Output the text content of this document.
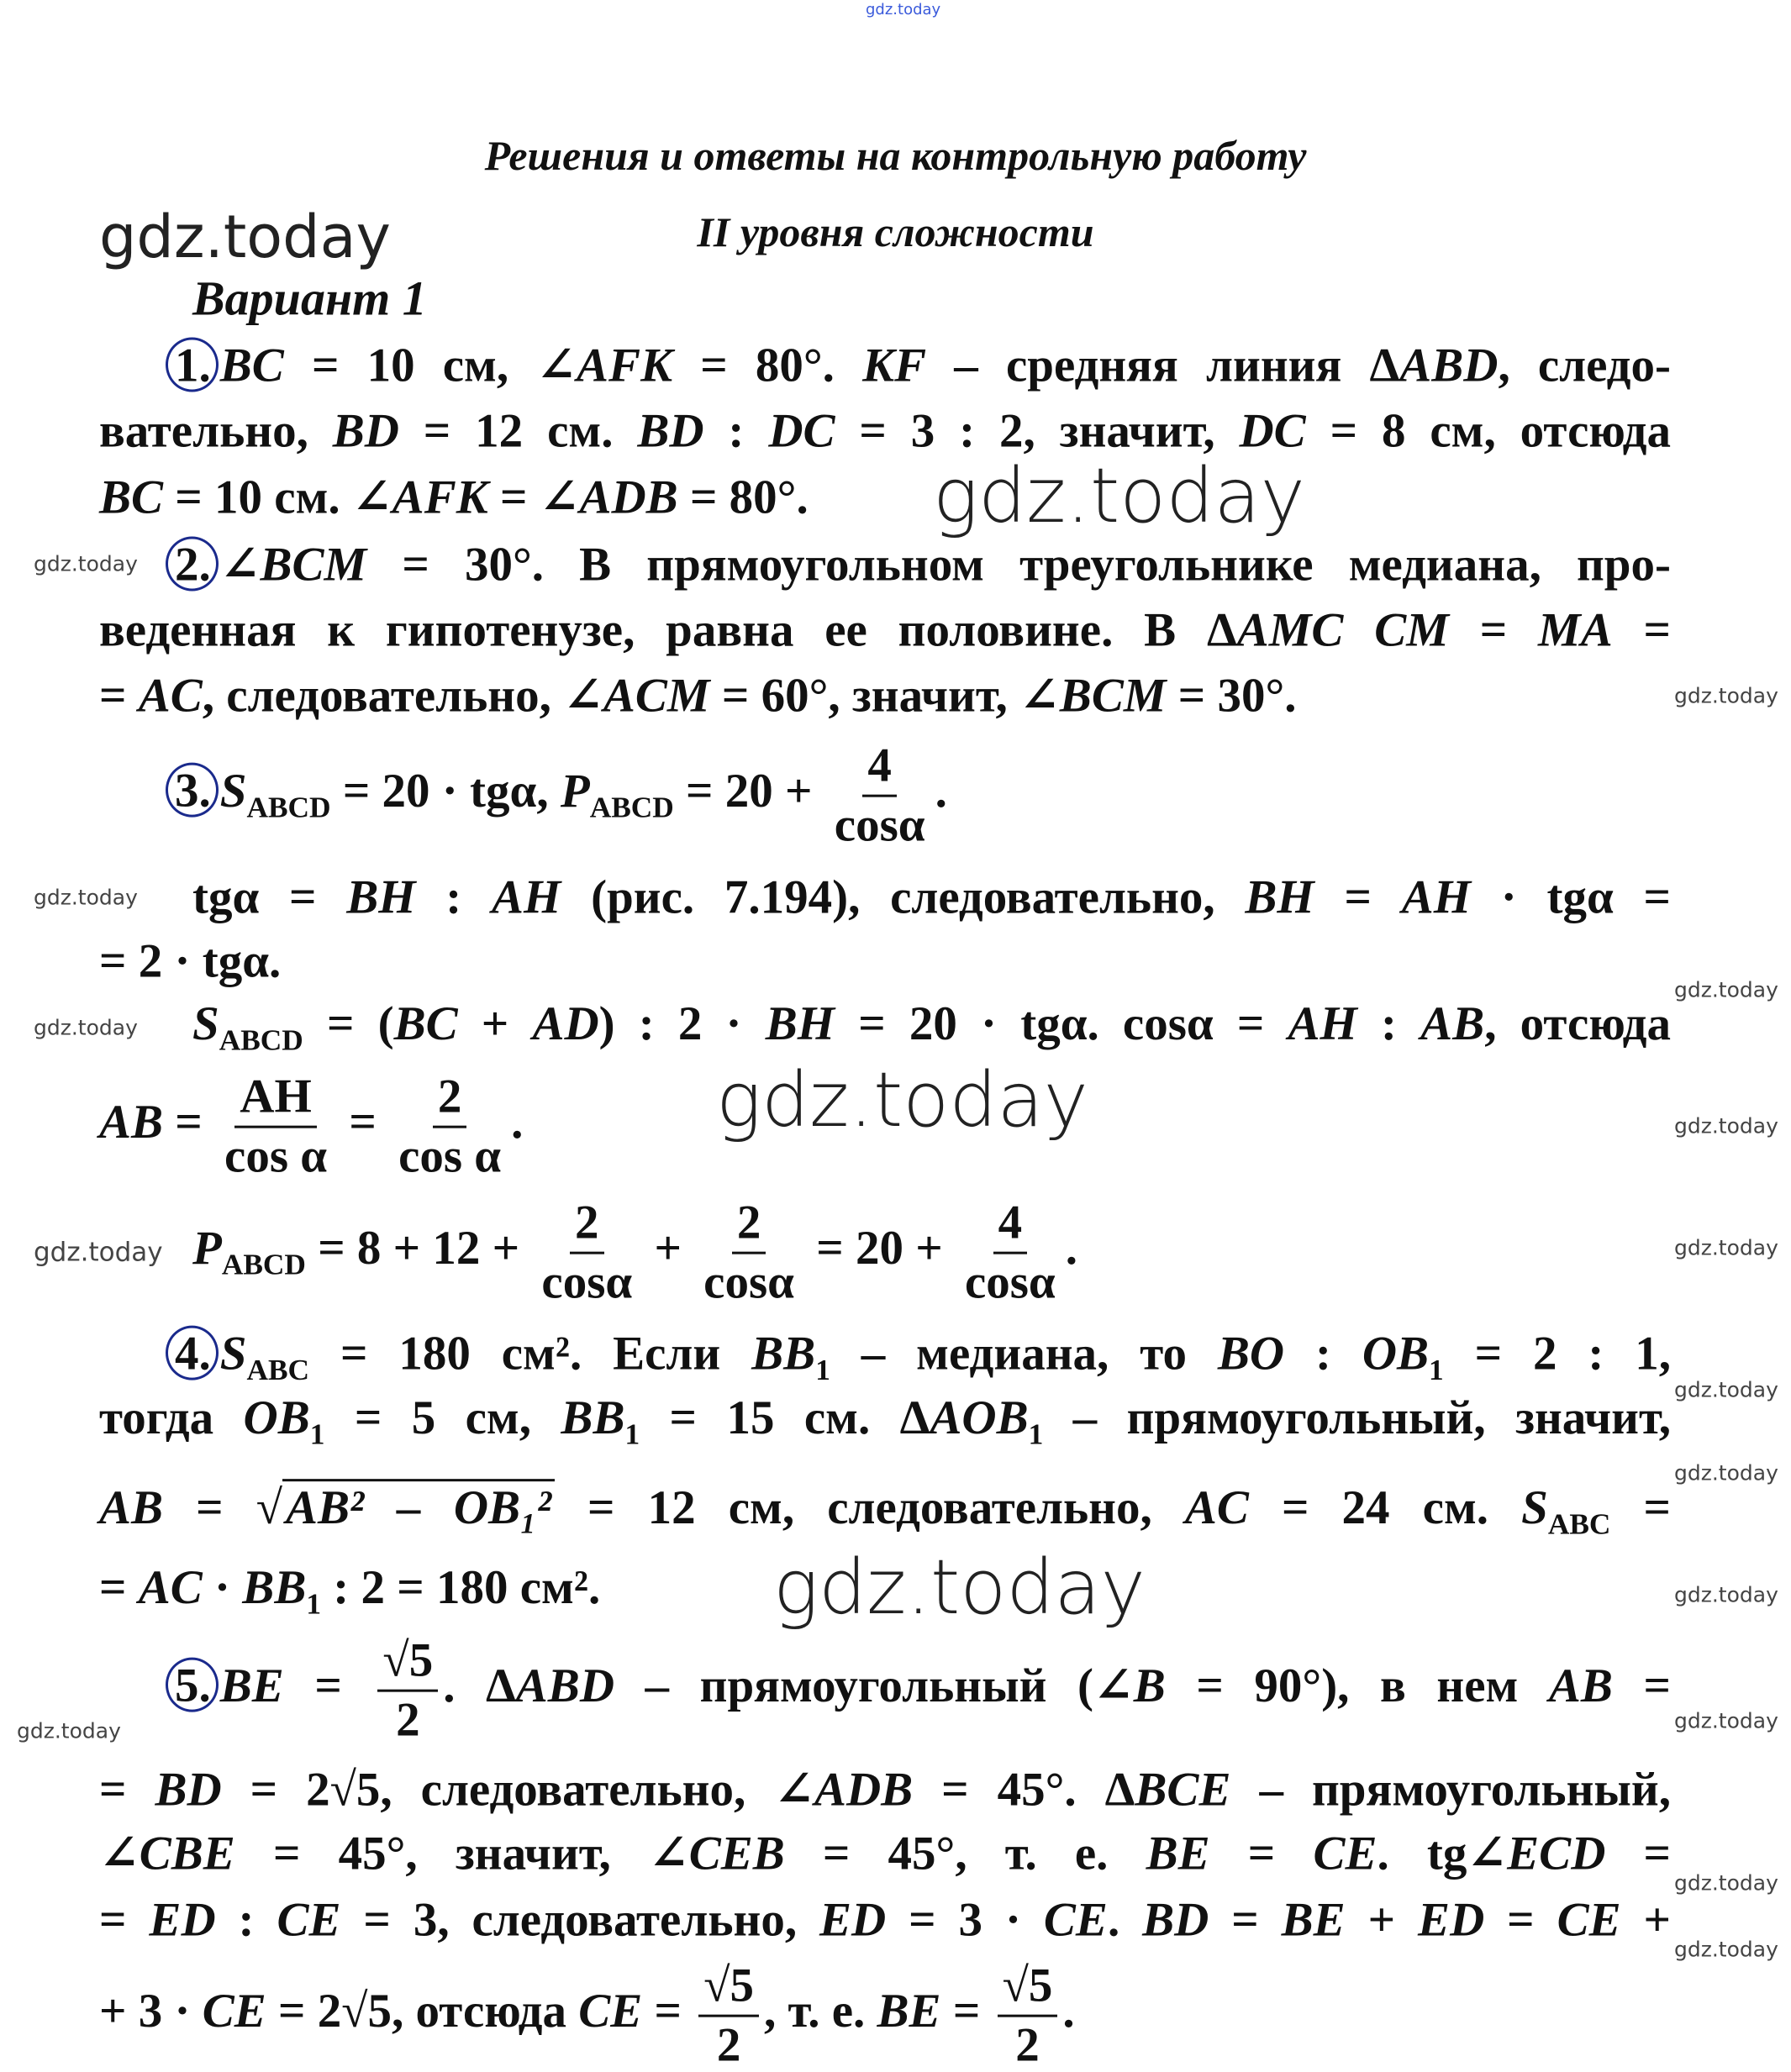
Решения и ответы на контрольную работу
II уровня сложности
Вариант 1
1. BC = 10 см, ∠AFK = 80°. KF – средняя линия ΔABD, следо-
вательно, BD = 12 см. BD : DC = 3 : 2, значит, DC = 8 см, отсюда
BC = 10 см. ∠AFK = ∠ADB = 80°.
2. ∠BCM = 30°. В прямоугольном треугольнике медиана, про-
веденная к гипотенузе, равна ее половине. В ΔAMC CM = MA =
= AC, следовательно, ∠ACM = 60°, значит, ∠BCM = 30°.
3. $S_{ABCD} = 20 \cdot tg\alpha$, $P_{ABCD} = 20 + \frac{4}{\cos\alpha}$ .
tgα = BH : AH (рис. 7.194), следовательно, BH = AH · tgα =
= 2 · tgα.
$S_{ABCD} = (BC + AD)$ : 2 · BH = 20 · tgα. cosα = AH : AB, отсюда
AB = $\frac{AH}{\text{cos α}} = \frac{2}{\text{cos α}}$ .
$P_{ABCD} = 8 + 12 + \frac{2}{\cos\alpha} + \frac{2}{\cos\alpha} = 20 + \frac{4}{\cos\alpha}$ .
4. $S_{ABC} = 180$ см². Если $BB_1$ – медиана, то BO : $OB_1 = 2$ : 1,
тогда $OB_1 = 5$ см, $BB_1 = 15$ см. $\Delta AOB_1$ – прямоугольный, значит,
AB = √AB² – OB₁² = 12 см, следовательно, AC = 24 см. $S_{ABC}$ =
= AC · $BB_1$ : 2 = 180 см².
5. BE = $\frac{√5}{2}$ . ΔABD – прямоугольный (∠B = 90°), в нем AB =
= BD = 2√5, следовательно, ∠ADB = 45°. ΔBCE – прямоугольный,
∠CBE = 45°, значит, ∠CEB = 45°, т. е. BE = CE. tg∠ECD =
= ED : CE = 3, следовательно, ED = 3 · CE. BD = BE + ED = CE +
+ 3 · CE = 2√5, отсюда CE = $\frac{√5}{2}$ , т. е. BE = $\frac{√5}{2}$ .
gdz.today
gdz.today
gdz.today
gdz.today
gdz.today
gdz.today
gdz.today
gdz.today
gdz.today
gdz.today
gdz.today
gdz.today
gdz.today
gdz.today
gdz.today
gdz.today
gdz.today
gdz.today
gdz.today
gdz.today
